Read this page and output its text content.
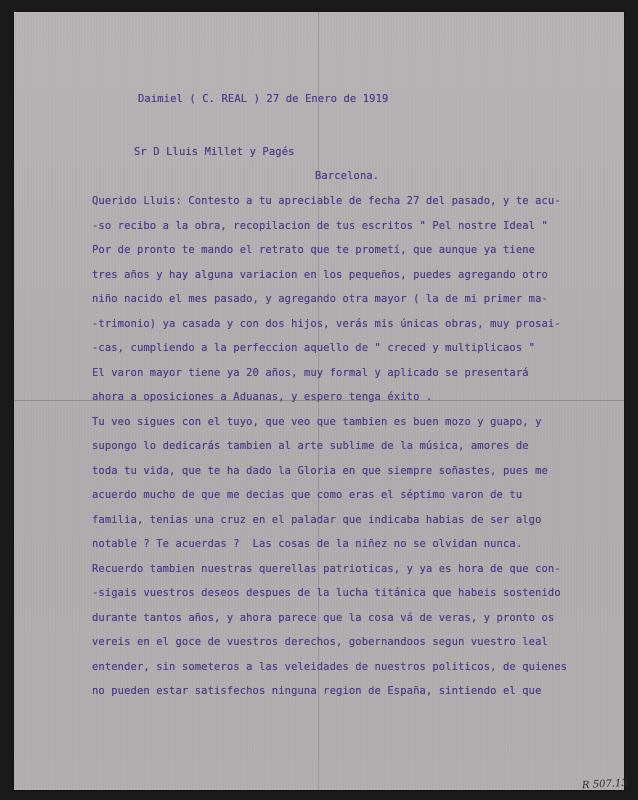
Daimiel ( C. REAL ) 27 de Enero de 1919
Sr D Lluis Millet y Pagés
Barcelona.
Querido Lluis: Contesto a tu apreciable de fecha 27 del pasado, y te acu-
-so recibo a la obra, recopilacion de tus escritos " Pel nostre Ideal "
Por de pronto te mando el retrato que te prometí, que aunque ya tiene
tres años y hay alguna variacion en los pequeños, puedes agregando otro
niño nacido el mes pasado, y agregando otra mayor ( la de mi primer ma-
-trimonio) ya casada y con dos hijos, verás mis únicas obras, muy prosai-
-cas, cumpliendo a la perfeccion aquello de " creced y multiplicaos "
El varon mayor tiene ya 20 años, muy formal y aplicado se presentará
ahora a oposiciones a Aduanas, y espero tenga éxito .
Tu veo sigues con el tuyo, que veo que tambien es buen mozo y guapo, y
supongo lo dedicarás tambien al arte sublime de la música, amores de
toda tu vida, que te ha dado la Gloria en que siempre soñastes, pues me
acuerdo mucho de que me decias que como eras el séptimo varon de tu
familia, tenias una cruz en el paladar que indicaba habias de ser algo
notable ? Te acuerdas ?  Las cosas de la niñez no se olvidan nunca.
Recuerdo tambien nuestras querellas patrioticas, y ya es hora de que con-
-sigais vuestros deseos despues de la lucha titánica que habeis sostenido
durante tantos años, y ahora parece que la cosa vá de veras, y pronto os
vereis en el goce de vuestros derechos, gobernandoos segun vuestro leal
entender, sin someteros a las veleidades de nuestros politicos, de quienes
no pueden estar satisfechos ninguna region de España, sintiendo el que
R 507.13
